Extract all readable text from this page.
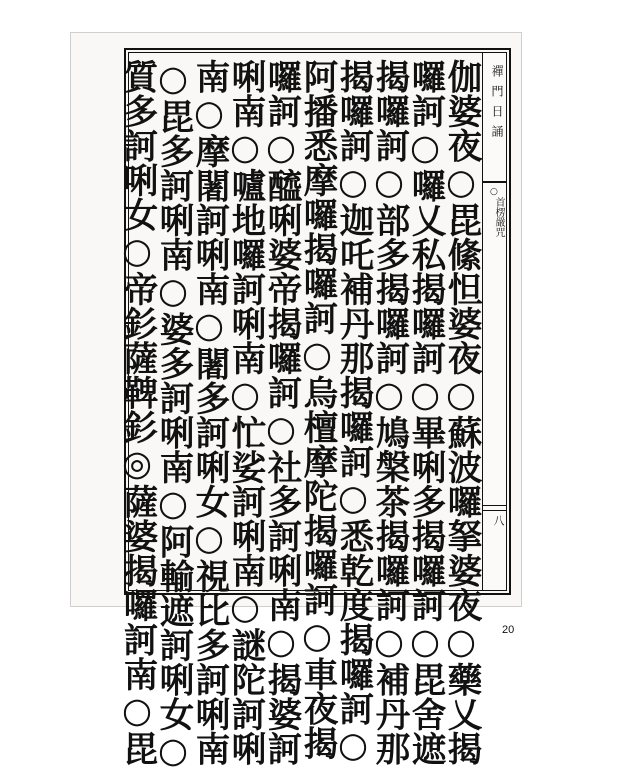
禪門日誦
○
首楞嚴咒
八
伽婆夜○毘絛怛婆夜○蘇波囉拏婆夜○藥乂揭
囉訶○囉乂私揭囉訶○畢唎多揭囉訶○毘舍遮
揭囉訶○部多揭囉訶○鳩槃茶揭囉訶○補丹那
揭囉訶○迦吒補丹那揭囉訶○悉乾度揭囉訶○
阿播悉摩囉揭囉訶○烏檀摩陀揭囉訶○車夜揭
囉訶○醯唎婆帝揭囉訶○社多訶唎南○揭婆訶
唎南○嚧地囉訶唎南○忙娑訶唎南○謎陀訶唎
南○摩闍訶唎南○闍多訶唎女○視比多訶唎南
○毘多訶唎南○婆多訶唎南○阿輸遮訶唎女○
質多訶唎女○帝釤薩鞞釤◎薩婆揭囉訶南○毘	20
